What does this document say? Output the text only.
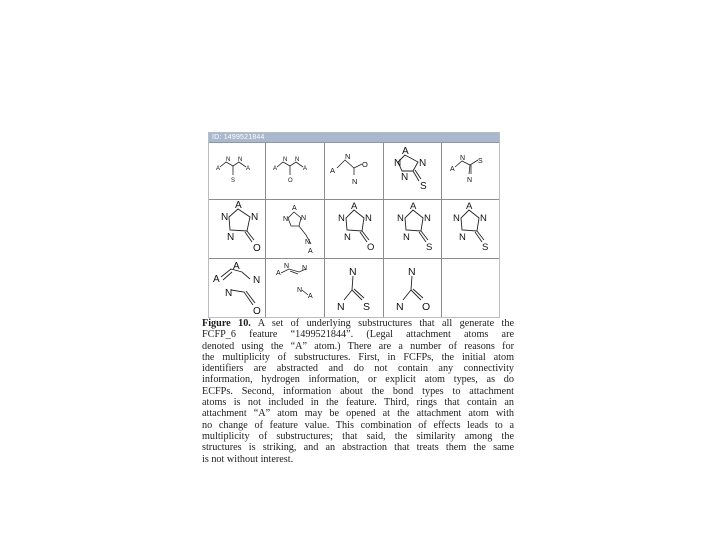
ID: 1499521844
A
N N
A
S
A
N N
A
O
A
N
O
N
A
N N
S
N
A
N S
N
A
N N
O
N
A
N N
N
A
A
N N
O
N
A
N N
S
N
A
N N
S
N
A
N
N
O
A
N N
A
A
N
N
N S
N
N O
Figure 10. A set of underlying substructures that all generate the
FCFP_6 feature “1499521844”. (Legal attachment atoms are
denoted using the “A” atom.) There are a number of reasons for
the multiplicity of substructures. First, in FCFPs, the initial atom
identifiers are abstracted and do not contain any connectivity
information, hydrogen information, or explicit atom types, as do
ECFPs. Second, information about the bond types to attachment
atoms is not included in the feature. Third, rings that contain an
attachment “A” atom may be opened at the attachment atom with
no change of feature value. This combination of effects leads to a
multiplicity of substructures; that said, the similarity among the
structures is striking, and an abstraction that treats them the same
is not without interest.
